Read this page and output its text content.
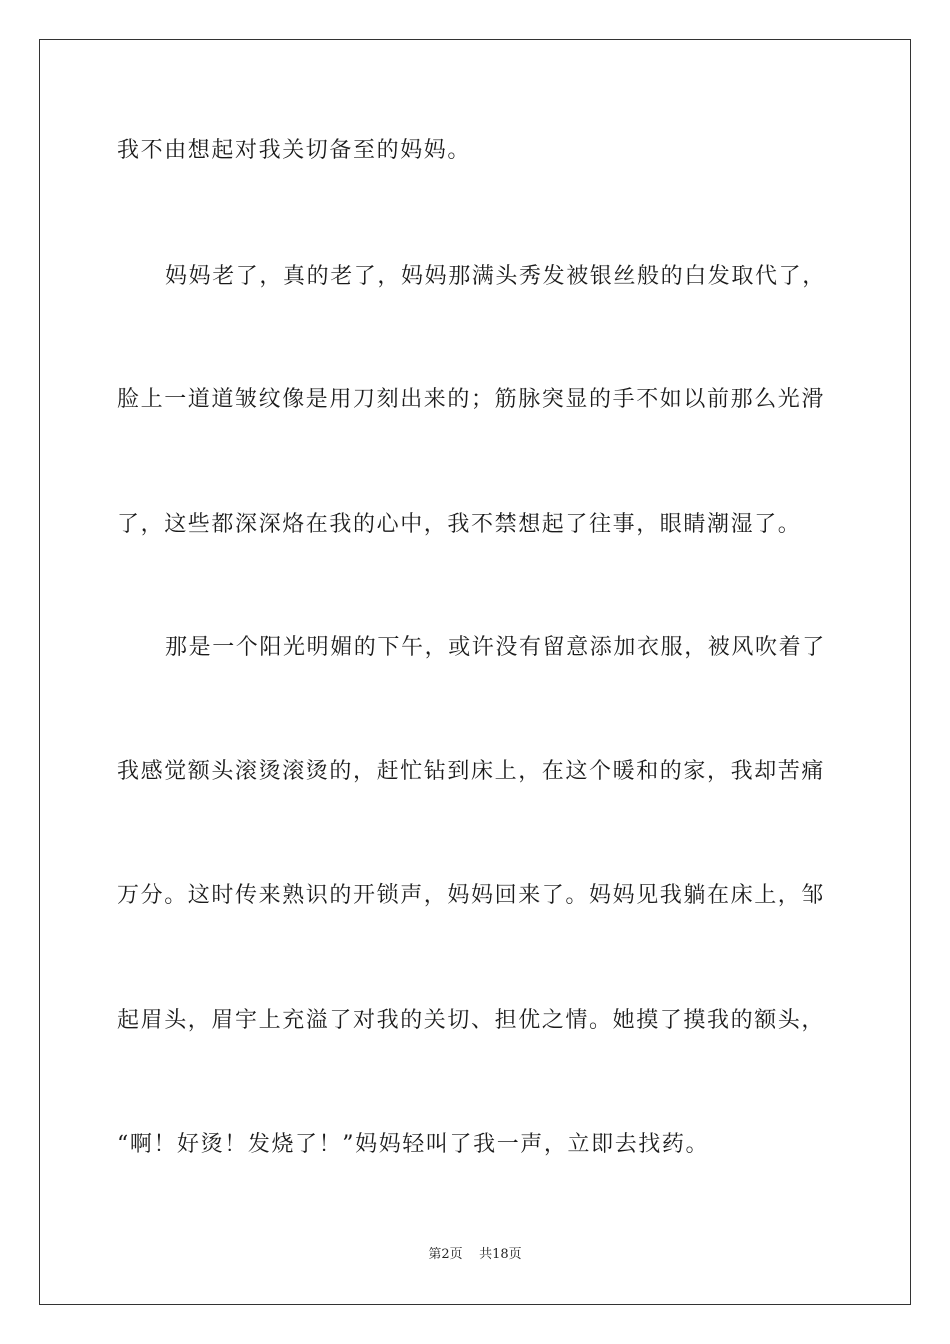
我不由想起对我关切备至的妈妈。
妈妈老了，真的老了，妈妈那满头秀发被银丝般的白发取代了，
脸上一道道皱纹像是用刀刻出来的；筋脉突显的手不如以前那么光滑
了，这些都深深烙在我的心中，我不禁想起了往事，眼睛潮湿了。
那是一个阳光明媚的下午，或许没有留意添加衣服，被风吹着了
我感觉额头滚烫滚烫的，赶忙钻到床上，在这个暖和的家，我却苦痛
万分。这时传来熟识的开锁声，妈妈回来了。妈妈见我躺在床上，邹
起眉头，眉宇上充溢了对我的关切、担优之情。她摸了摸我的额头，
“啊！好烫！发烧了！”妈妈轻叫了我一声，立即去找药。
第2页    共18页
